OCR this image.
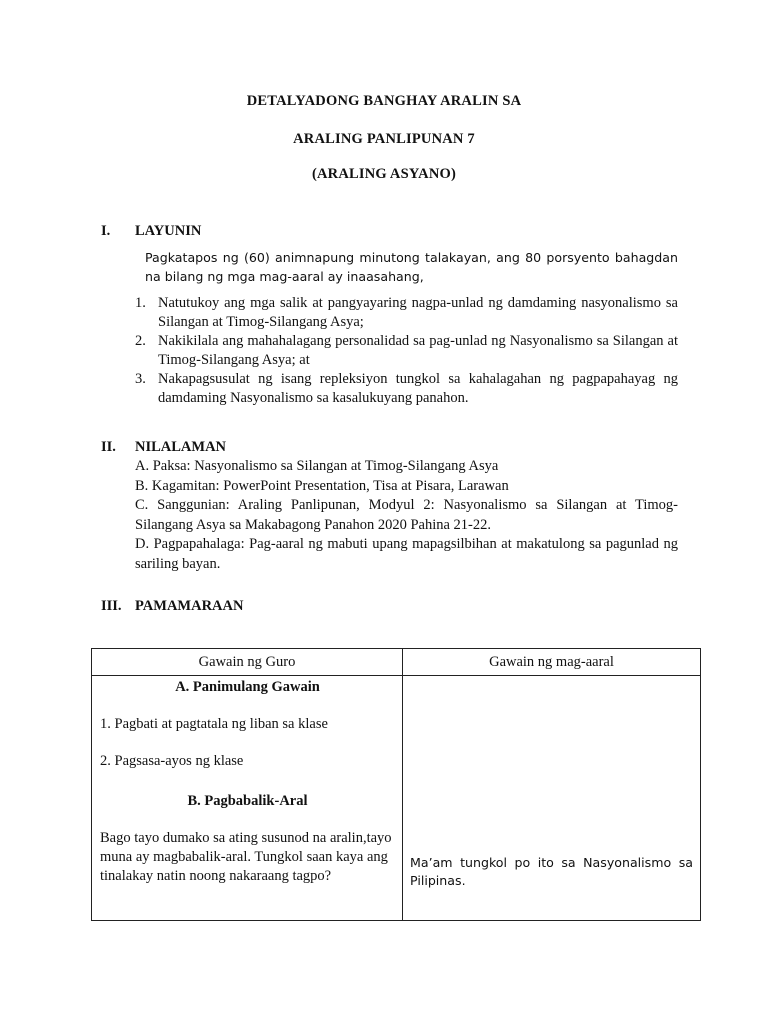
DETALYADONG BANGHAY ARALIN SA
ARALING PANLIPUNAN 7
(ARALING ASYANO)
I. LAYUNIN
Pagkatapos ng (60) animnapung minutong talakayan, ang 80 porsyento bahagdan na bilang ng mga mag-aaral ay inaasahang,
1. Natutukoy ang mga salik at pangyayaring nagpa-unlad ng damdaming nasyonalismo sa Silangan at Timog-Silangang Asya;
2. Nakikilala ang mahahalagang personalidad sa pag-unlad ng Nasyonalismo sa Silangan at Timog-Silangang Asya; at
3. Nakapagsusulat ng isang repleksiyon tungkol sa kahalagahan ng pagpapahayag ng damdaming Nasyonalismo sa kasalukuyang panahon.
II. NILALAMAN

A. Paksa: Nasyonalismo sa Silangan at Timog-Silangang Asya

B. Kagamitan: PowerPoint Presentation, Tisa at Pisara, Larawan

C. Sanggunian: Araling Panlipunan, Modyul 2: Nasyonalismo sa Silangan at Timog-Silangang Asya sa Makabagong Panahon 2020 Pahina 21-22.

D. Pagpapahalaga: Pag-aaral ng mabuti upang mapagsilbihan at makatulong sa pagunlad ng sariling bayan.

III. PAMAMARAAN
Gawain ng Guro	Gawain ng mag-aaral

A. Panimulang Gawain
1. Pagbati at pagtatala ng liban sa klase
2. Pagsasa-ayos ng klase
B. Pagbabalik-Aral
Bago tayo dumako sa ating susunod na aralin,tayo muna ay magbabalik-aral. Tungkol saan kaya ang tinalakay natin noong nakaraang tagpo?	Ma’am tungkol po ito sa Nasyonalismo sa Pilipinas.
